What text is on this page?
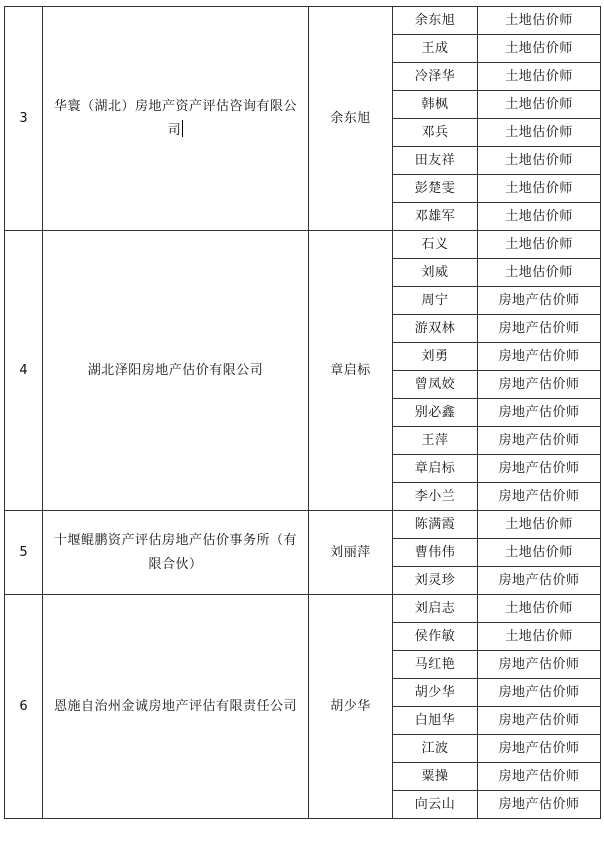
3	华寰（湖北）房地产资产评估咨询有限公司	余东旭	余东旭	土地估价师
			王成	土地估价师
			冷泽华	土地估价师
			韩枫	土地估价师
			邓兵	土地估价师
			田友祥	土地估价师
			彭楚雯	土地估价师
			邓雄军	土地估价师
4	湖北泽阳房地产估价有限公司	章启标	石义	土地估价师
			刘威	土地估价师
			周宁	房地产估价师
			游双林	房地产估价师
			刘勇	房地产估价师
			曾凤姣	房地产估价师
			别必鑫	房地产估价师
			王萍	房地产估价师
			章启标	房地产估价师
			李小兰	房地产估价师
5	十堰鲲鹏资产评估房地产估价事务所（有限合伙）	刘丽萍	陈满霞	土地估价师
			曹伟伟	土地估价师
			刘灵珍	房地产估价师
6	恩施自治州金诚房地产评估有限责任公司	胡少华	刘启志	土地估价师
			侯作敏	土地估价师
			马红艳	房地产估价师
			胡少华	房地产估价师
			白旭华	房地产估价师
			江波	房地产估价师
			粟操	房地产估价师
			向云山	房地产估价师
